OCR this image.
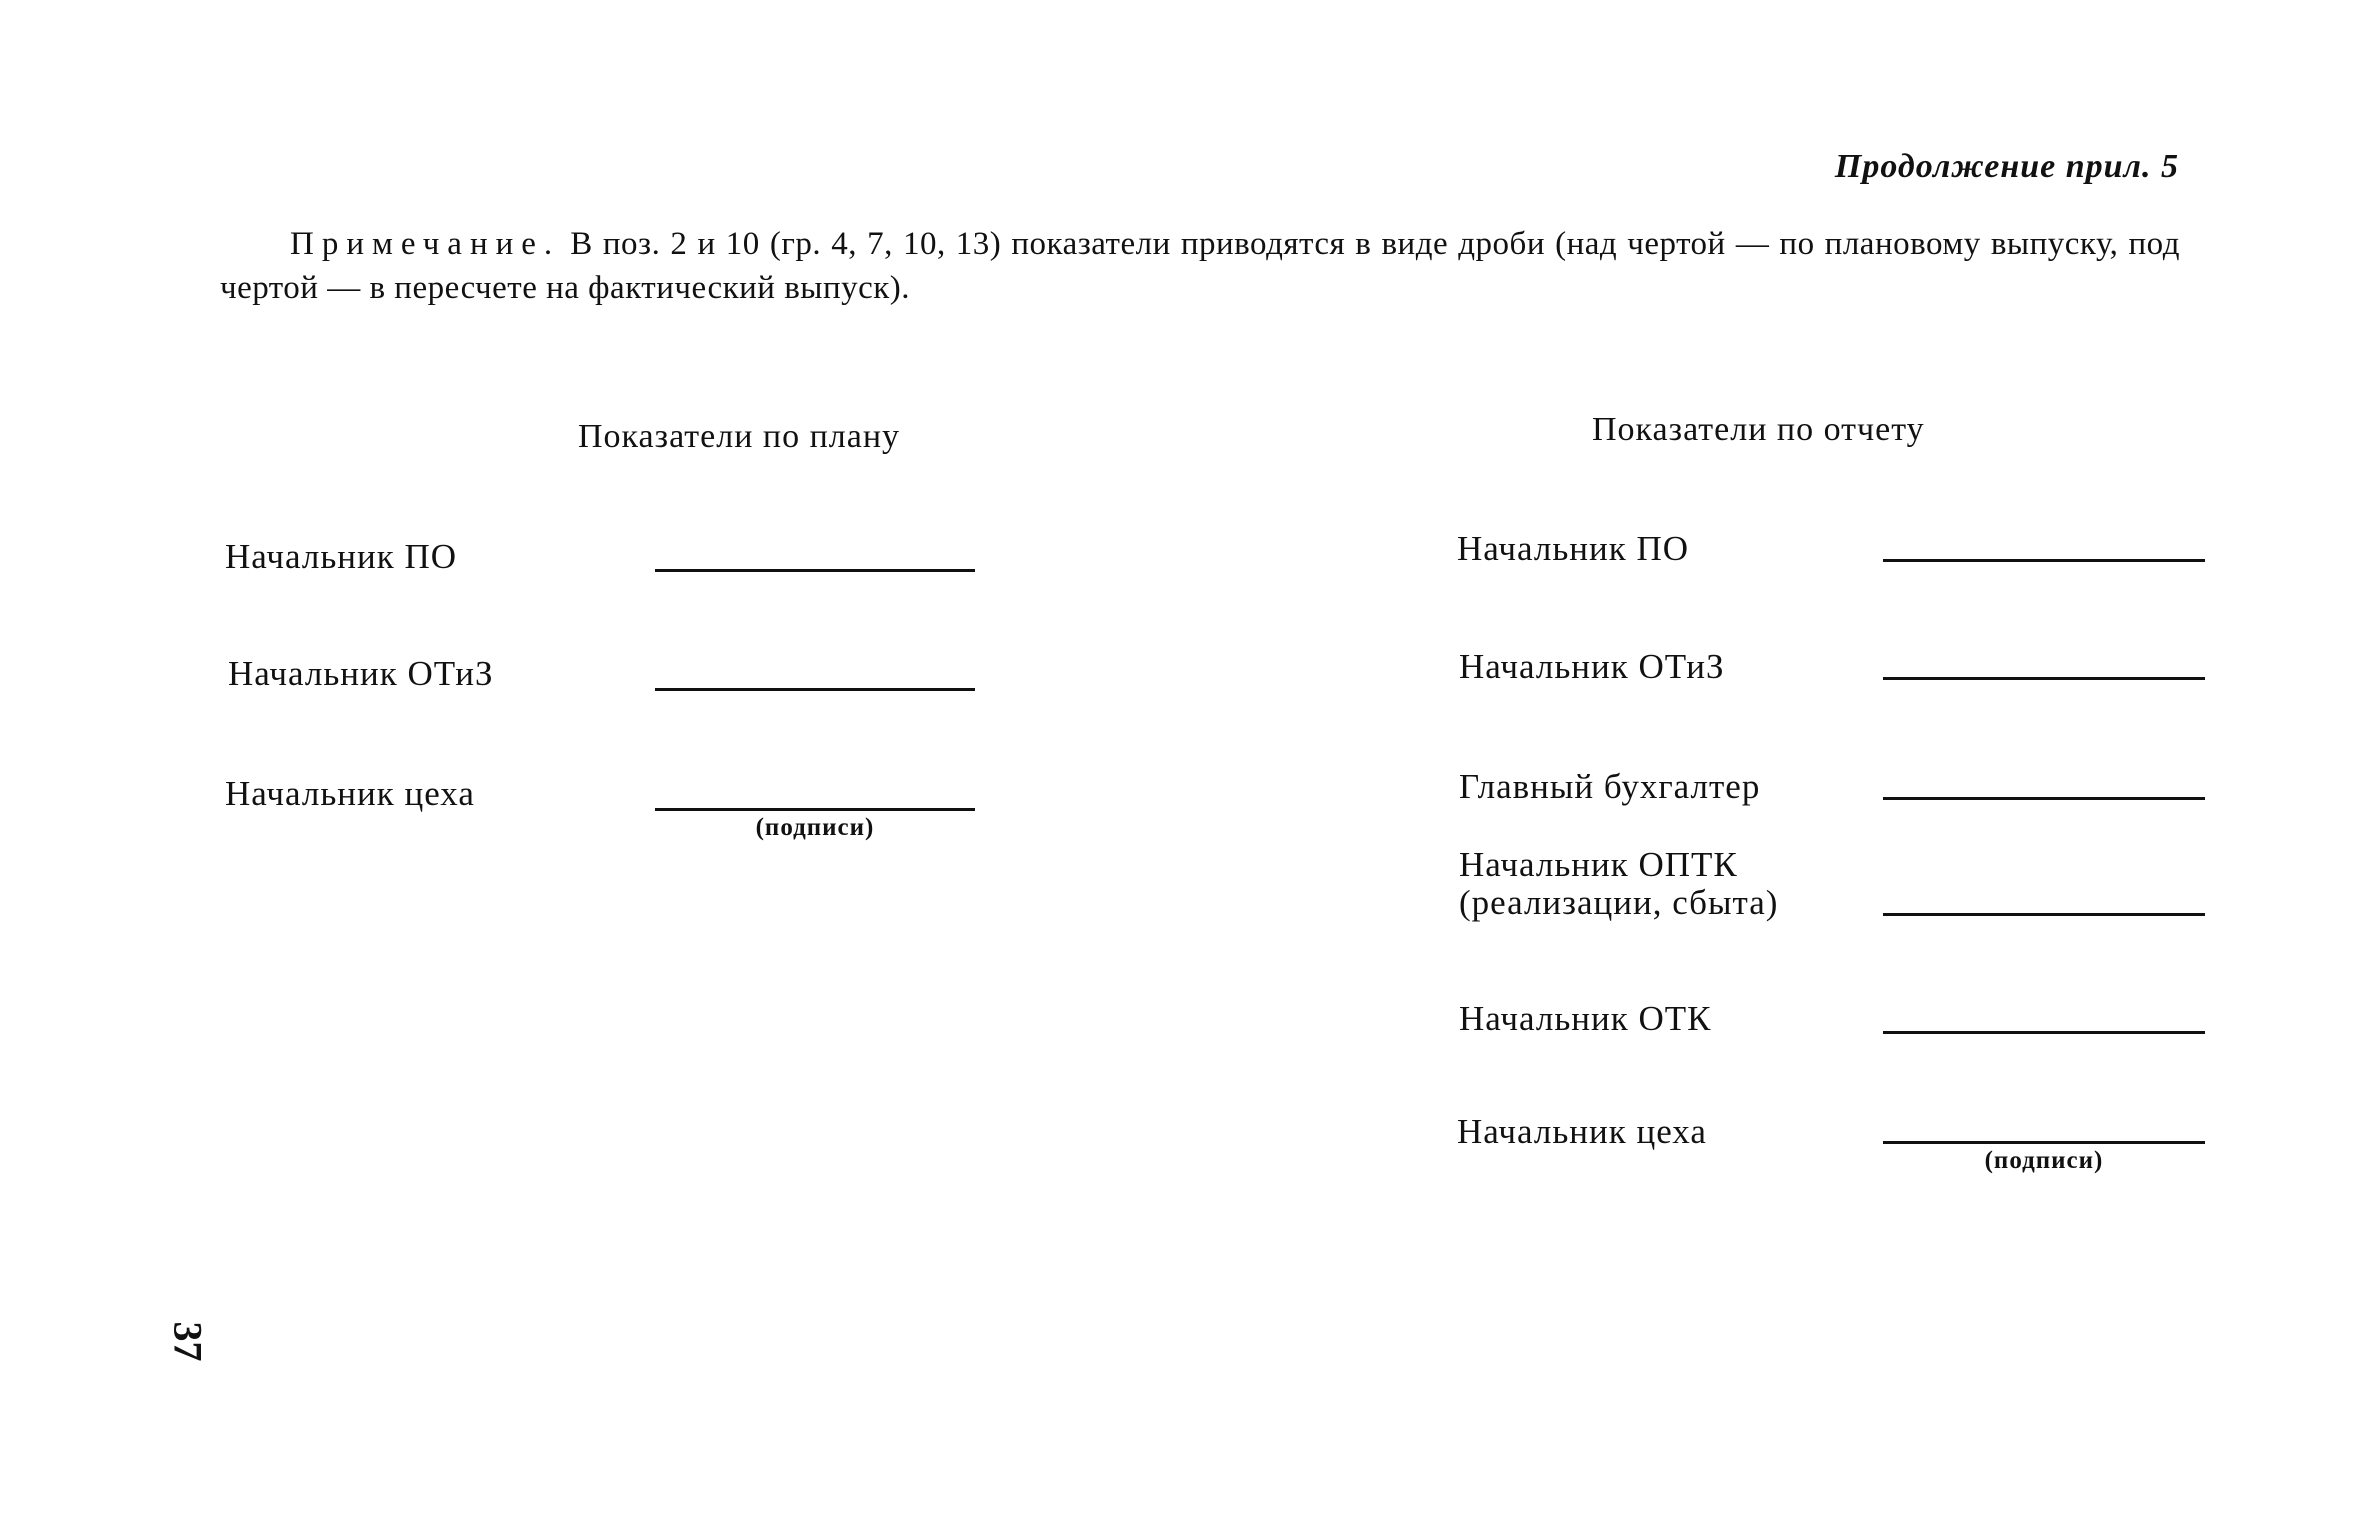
Продолжение прил. 5
Примечание. В поз. 2 и 10 (гр. 4, 7, 10, 13) показатели приводятся в виде дроби (над чертой — по плановому выпуску, под чертой — в пересчете на фактический выпуск).
Показатели по плану
Начальник ПО
Начальник ОТиЗ
Начальник цеха
(подписи)
Показатели по отчету
Начальник ПО
Начальник ОТиЗ
Главный бухгалтер
Начальник ОПТК
(реализации, сбыта)
Начальник ОТК
Начальник цеха
(подписи)
37
